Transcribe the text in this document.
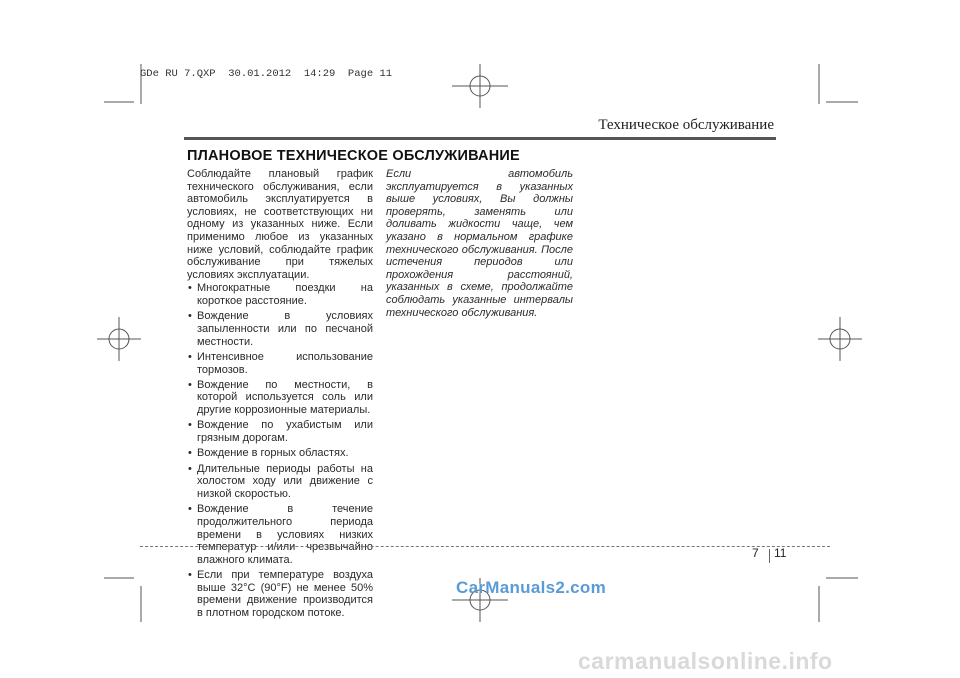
GDe RU 7.QXP  30.01.2012  14:29  Page 11
Техническое обслуживание
ПЛАНОВОЕ ТЕХНИЧЕСКОЕ ОБСЛУЖИВАНИЕ

Соблюдайте плановый график технического обслуживания, если автомобиль эксплуатируется в условиях, не соответствующих ни одному из указанных ниже. Если применимо любое из указанных ниже условий, соблюдайте график обслуживание при тяжелых условиях эксплуатации.

• Многократные поездки на короткое расстояние.
• Вождение в условиях запыленности или по песчаной местности.
• Интенсивное использование тормозов.
• Вождение по местности, в которой используется соль или другие коррозионные материалы.
• Вождение по ухабистым или грязным дорогам.
• Вождение в горных областях.
• Длительные периоды работы на холостом ходу или движение с низкой скоростью.
• Вождение в течение продолжительного периода времени в условиях низких температур и/или чрезвычайно влажного климата.
• Если при температуре воздуха выше 32°C (90°F) не менее 50% времени движение производится в плотном городском потоке.
Если автомобиль эксплуатируется в указанных выше условиях, Вы должны проверять, заменять или доливать жидкости чаще, чем указано в нормальном графике технического обслуживания. После истечения периодов или прохождения расстояний, указанных в схеме, продолжайте соблюдать указанные интервалы технического обслуживания.
7 11
CarManuals2.com
carmanualsonline.info
